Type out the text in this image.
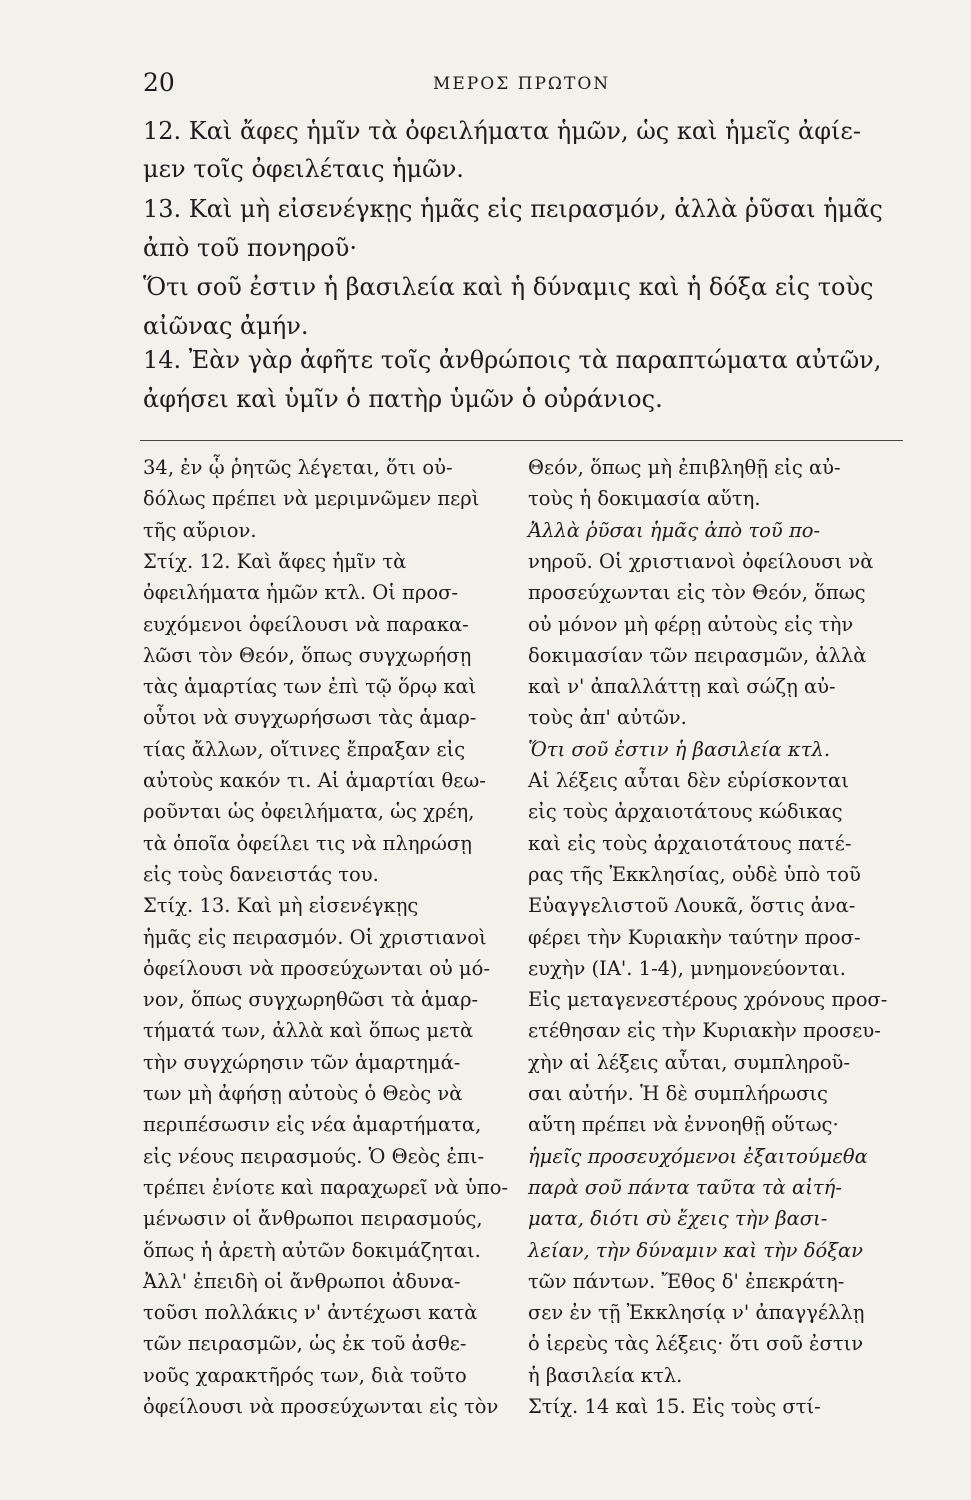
20	ΜΕΡΟΣ ΠΡΩΤΟΝ
12. Καὶ ἄφες ἡμῖν τὰ ὀφειλήματα ἡμῶν, ὡς καὶ ἡμεῖς ἀφίε-
μεν τοῖς ὀφειλέταις ἡμῶν.
13. Καὶ μὴ εἰσενέγκῃς ἡμᾶς εἰς πειρασμόν, ἀλλὰ ῥῦσαι ἡμᾶς
ἀπὸ τοῦ πονηροῦ·
Ὅτι σοῦ ἐστιν ἡ βασιλεία καὶ ἡ δύναμις καὶ ἡ δόξα εἰς τοὺς
αἰῶνας ἀμήν.
14. Ἐὰν γὰρ ἀφῆτε τοῖς ἀνθρώποις τὰ παραπτώματα αὐτῶν,
ἀφήσει καὶ ὑμῖν ὁ πατὴρ ὑμῶν ὁ οὐράνιος.
34, ἐν ᾧ ῥητῶς λέγεται, ὅτι οὐ-
δόλως πρέπει νὰ μεριμνῶμεν περὶ
τῆς αὔριον.
Στίχ. 12. Καὶ ἄφες ἡμῖν τὰ
ὀφειλήματα ἡμῶν κτλ. Οἱ προσ-
ευχόμενοι ὀφείλουσι νὰ παρακα-
λῶσι τὸν Θεόν, ὅπως συγχωρήσῃ
τὰς ἁμαρτίας των ἐπὶ τῷ ὅρῳ καὶ
οὗτοι νὰ συγχωρήσωσι τὰς ἁμαρ-
τίας ἄλλων, οἵτινες ἔπραξαν εἰς
αὐτοὺς κακόν τι. Αἱ ἁμαρτίαι θεω-
ροῦνται ὡς ὀφειλήματα, ὡς χρέη,
τὰ ὁποῖα ὀφείλει τις νὰ πληρώσῃ
εἰς τοὺς δανειστάς του.
Στίχ. 13. Καὶ μὴ εἰσενέγκῃς
ἡμᾶς εἰς πειρασμόν. Οἱ χριστιανοὶ
ὀφείλουσι νὰ προσεύχωνται οὐ μό-
νον, ὅπως συγχωρηθῶσι τὰ ἁμαρ-
τήματά των, ἀλλὰ καὶ ὅπως μετὰ
τὴν συγχώρησιν τῶν ἁμαρτημά-
των μὴ ἀφήσῃ αὐτοὺς ὁ Θεὸς νὰ
περιπέσωσιν εἰς νέα ἁμαρτήματα,
εἰς νέους πειρασμούς. Ὁ Θεὸς ἐπι-
τρέπει ἐνίοτε καὶ παραχωρεῖ νὰ ὑπο-
μένωσιν οἱ ἄνθρωποι πειρασμούς,
ὅπως ἡ ἀρετὴ αὐτῶν δοκιμάζηται.
Ἀλλ' ἐπειδὴ οἱ ἄνθρωποι ἀδυνα-
τοῦσι πολλάκις ν' ἀντέχωσι κατὰ
τῶν πειρασμῶν, ὡς ἐκ τοῦ ἀσθε-
νοῦς χαρακτῆρός των, διὰ τοῦτο
ὀφείλουσι νὰ προσεύχωνται εἰς τὸν
Θεόν, ὅπως μὴ ἐπιβληθῇ εἰς αὐ-
τοὺς ἡ δοκιμασία αὕτη.
Ἀλλὰ ῥῦσαι ἡμᾶς ἀπὸ τοῦ πο-
νηροῦ. Οἱ χριστιανοὶ ὀφείλουσι νὰ
προσεύχωνται εἰς τὸν Θεόν, ὅπως
οὐ μόνον μὴ φέρῃ αὐτοὺς εἰς τὴν
δοκιμασίαν τῶν πειρασμῶν, ἀλλὰ
καὶ ν' ἀπαλλάττῃ καὶ σώζῃ αὐ-
τοὺς ἀπ' αὐτῶν.
Ὅτι σοῦ ἐστιν ἡ βασιλεία κτλ.
Αἱ λέξεις αὗται δὲν εὑρίσκονται
εἰς τοὺς ἀρχαιοτάτους κώδικας
καὶ εἰς τοὺς ἀρχαιοτάτους πατέ-
ρας τῆς Ἐκκλησίας, οὐδὲ ὑπὸ τοῦ
Εὐαγγελιστοῦ Λουκᾶ, ὅστις ἀνα-
φέρει τὴν Κυριακὴν ταύτην προσ-
ευχὴν (ΙΑ'. 1-4), μνημονεύονται.
Εἰς μεταγενεστέρους χρόνους προσ-
ετέθησαν εἰς τὴν Κυριακὴν προσευ-
χὴν αἱ λέξεις αὗται, συμπληροῦ-
σαι αὐτήν. Ἡ δὲ συμπλήρωσις
αὕτη πρέπει νὰ ἐννοηθῇ οὕτως·
ἡμεῖς προσευχόμενοι ἐξαιτούμεθα
παρὰ σοῦ πάντα ταῦτα τὰ αἰτή-
ματα, διότι σὺ ἔχεις τὴν βασι-
λείαν, τὴν δύναμιν καὶ τὴν δόξαν
τῶν πάντων. Ἔθος δ' ἐπεκράτη-
σεν ἐν τῇ Ἐκκλησίᾳ ν' ἀπαγγέλλῃ
ὁ ἱερεὺς τὰς λέξεις· ὅτι σοῦ ἐστιν
ἡ βασιλεία κτλ.
Στίχ. 14 καὶ 15. Εἰς τοὺς στί-
